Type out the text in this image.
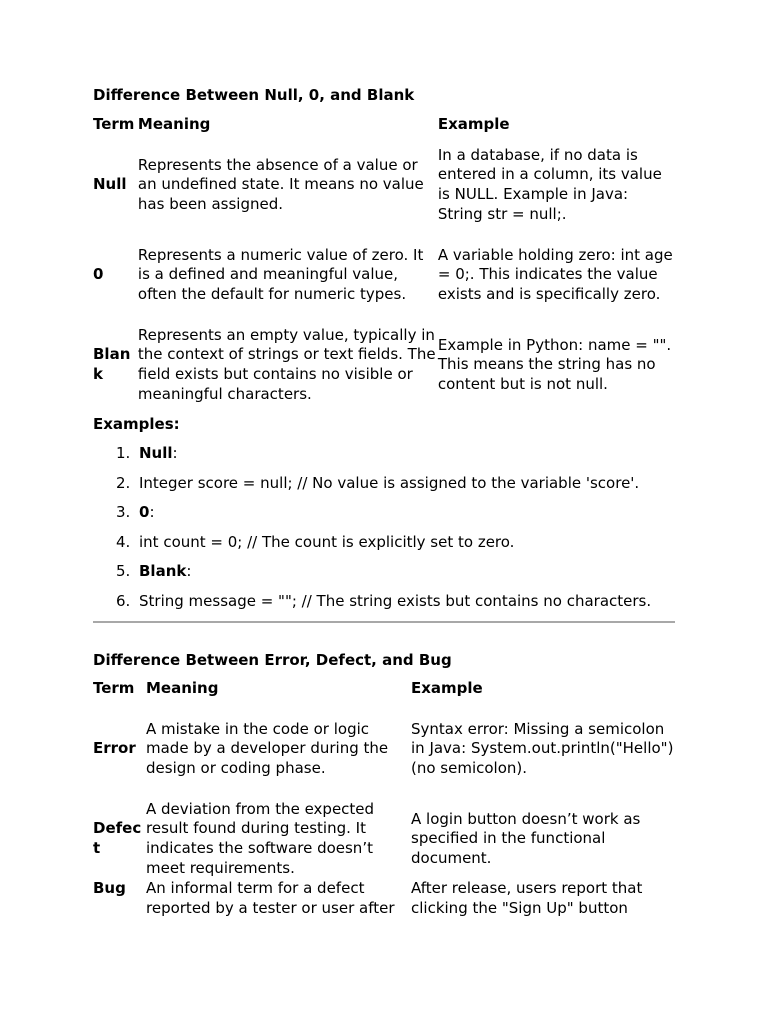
Difference Between Null, 0, and Blank

Term	Meaning	Example
Null	Represents the absence of a value or an undefined state. It means no value has been assigned.	In a database, if no data is entered in a column, its value is NULL. Example in Java: String str = null;.
0	Represents a numeric value of zero. It is a defined and meaningful value, often the default for numeric types.	A variable holding zero: int age = 0;. This indicates the value exists and is specifically zero.
Blank	Represents an empty value, typically in the context of strings or text fields. The field exists but contains no visible or meaningful characters.	Example in Python: name = "". This means the string has no content but is not null.

Examples:

1. Null:
2. Integer score = null; // No value is assigned to the variable 'score'.
3. 0:
4. int count = 0; // The count is explicitly set to zero.
5. Blank:
6. String message = ""; // The string exists but contains no characters.

Difference Between Error, Defect, and Bug

Term	Meaning	Example
Error	A mistake in the code or logic made by a developer during the design or coding phase.	Syntax error: Missing a semicolon in Java: System.out.println("Hello") (no semicolon).
Defect	A deviation from the expected result found during testing. It indicates the software doesn’t meet requirements.	A login button doesn’t work as specified in the functional document.
Bug	An informal term for a defect reported by a tester or user after	After release, users report that clicking the "Sign Up" button
